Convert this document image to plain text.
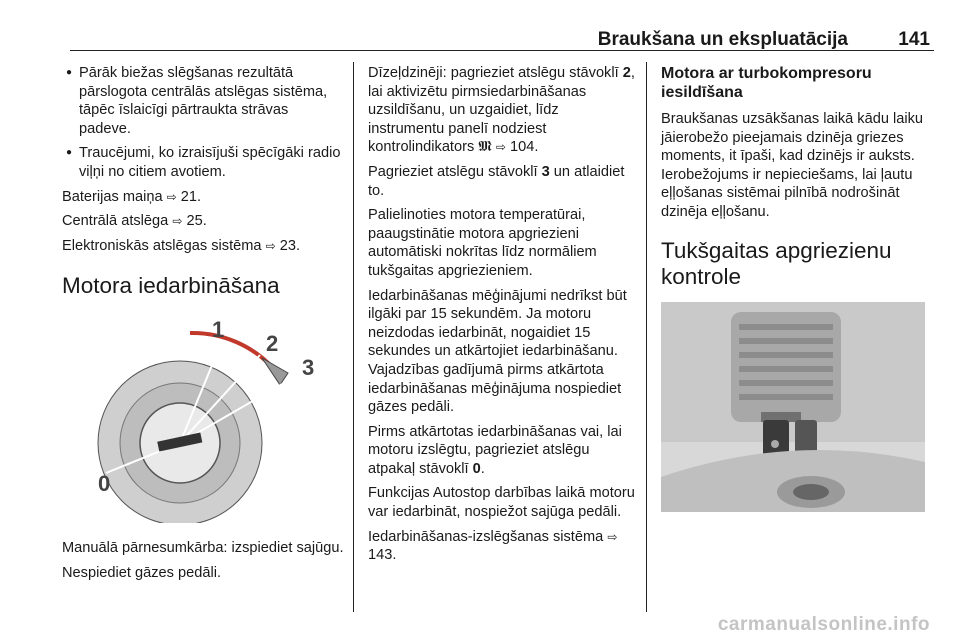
Braukšana un ekspluatācija	141
● Pārāk biežas slēgšanas rezultātā pārslogota centrālās atslēgas sistēma, tāpēc īslaicīgi pārtraukta strāvas padeve.
● Traucējumi, ko izraisījuši spēcīgāki radio viļņi no citiem avotiem.

Baterijas maiņa ⇨ 21.

Centrālā atslēga ⇨ 25.

Elektroniskās atslēgas sistēma ⇨ 23.

Motora iedarbināšana
1
2
3
0

Manuālā pārnesumkārba: izspiediet sajūgu.

Nespiediet gāzes pedāli.

Dīzeļdzinēji: pagrieziet atslēgu stāvoklī 2, lai aktivizētu pirmsiedarbināšanas uzsildīšanu, un uzgaidiet, līdz instrumentu panelī nodziest kontrolindikators 𝕸 ⇨ 104.

Pagrieziet atslēgu stāvoklī 3 un atlaidiet to.

Palielinoties motora temperatūrai, paaugstinātie motora apgriezieni automātiski nokrītas līdz normāliem tukšgaitas apgriezieniem.

Iedarbināšanas mēģinājumi nedrīkst būt ilgāki par 15 sekundēm. Ja motoru neizdodas iedarbināt, nogaidiet 15 sekundes un atkārtojiet iedarbināšanu. Vajadzības gadījumā pirms atkārtota iedarbināšanas mēģinājuma nospiediet gāzes pedāli.

Pirms atkārtotas iedarbināšanas vai, lai motoru izslēgtu, pagrieziet atslēgu atpakaļ stāvoklī 0.

Funkcijas Autostop darbības laikā motoru var iedarbināt, nospiežot sajūga pedāli.

Iedarbināšanas-izslēgšanas sistēma ⇨ 143.

Motora ar turbokompresoru iesildīšana

Braukšanas uzsākšanas laikā kādu laiku jāierobežo pieejamais dzinēja griezes moments, it īpaši, kad dzinējs ir auksts. Ierobežojums ir nepieciešams, lai ļautu eļļošanas sistēmai pilnībā nodrošināt dzinēja eļļošanu.

Tukšgaitas apgriezienu kontrole
carmanualsonline.info
